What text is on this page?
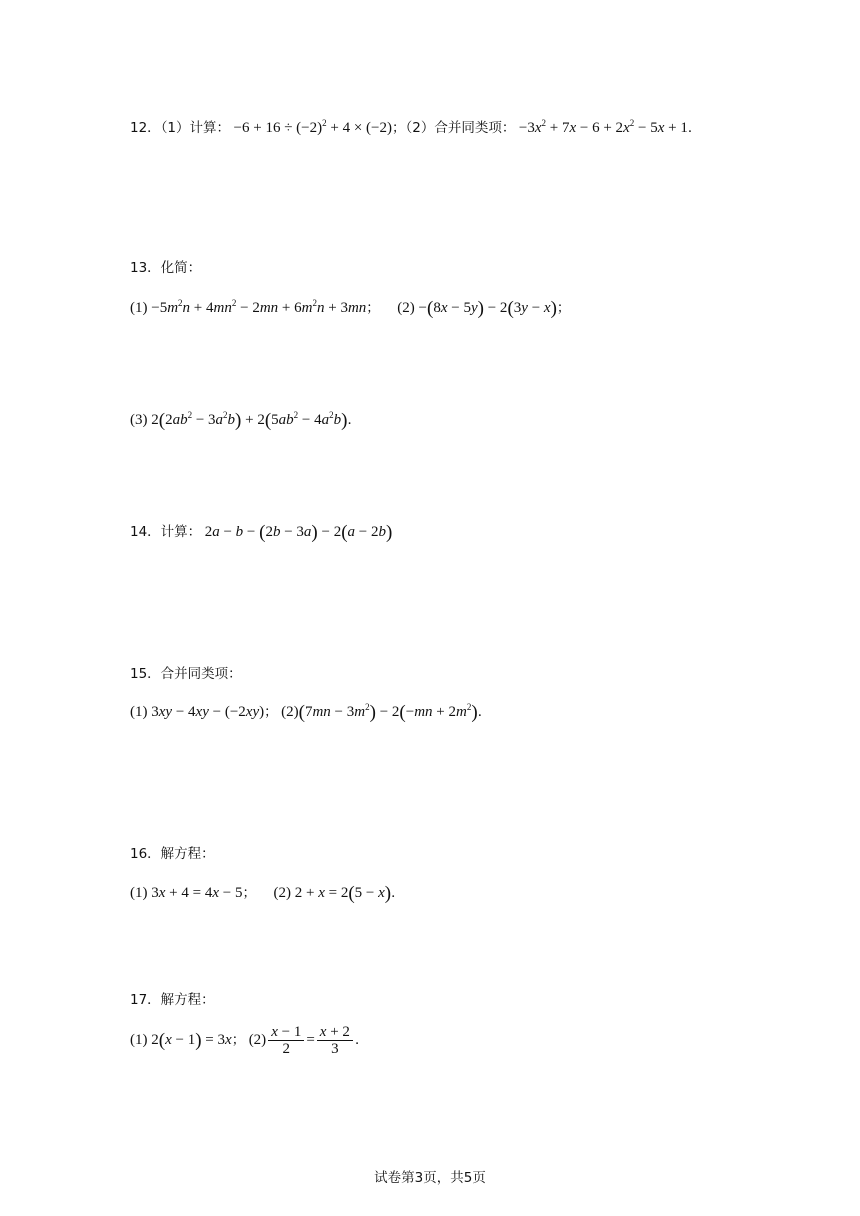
12．（1）计算： $-6 + 16 \div (-2)^2 + 4 \times (-2)$；（2）合并同类项： $-3x^2 + 7x - 6 + 2x^2 - 5x + 1$．
13．化简：
$(1) -5m^2n + 4mn^2 - 2mn + 6m^2n + 3mn$； (2) −(8x − 5y) − 2(3y − x)；
(3) $2(2ab^2 - 3a^2b) + 2(5ab^2 - 4a^2b)$．
14．计算： 2a − b − (2b − 3a) − 2(a − 2b)
15．合并同类项：
(1) 3xy − 4xy − (−2xy)； $(2)(7mn - 3m^2) - 2(-mn + 2m^2)$．
16．解方程：
(1) 3x + 4 = 4x − 5； (2) 2 + x = 2(5 − x)．
17．解方程：
(1) 2(x − 1) = 3x； $(2) \frac{x - 1}{2} = \frac{x + 2}{3}$ ．
试卷第3页，共5页
